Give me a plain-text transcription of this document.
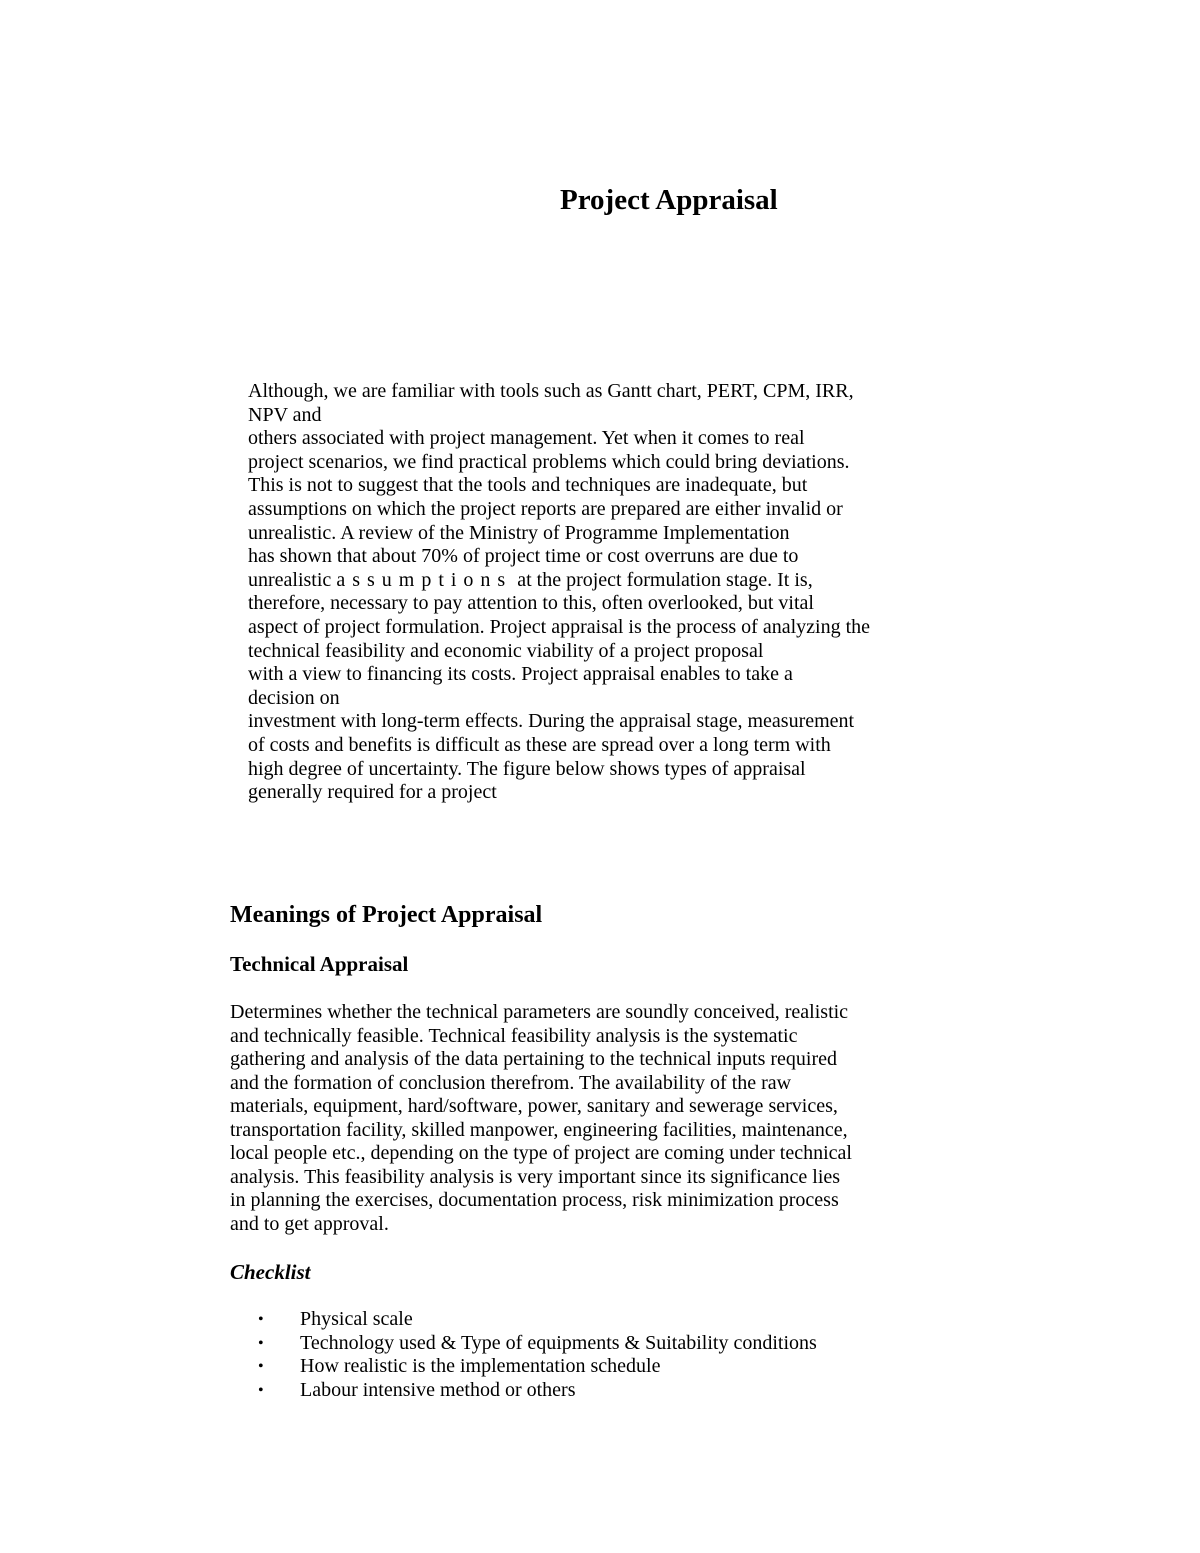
Project Appraisal
Although, we are familiar with tools such as Gantt chart, PERT, CPM, IRR,
NPV and
others associated with project management. Yet when it comes to real
project scenarios, we find practical problems which could bring deviations.
This is not to suggest that the tools and techniques are inadequate, but
assumptions on which the project reports are prepared are either invalid or
unrealistic. A review of the Ministry of Programme Implementation
has shown that about 70% of project time or cost overruns are due to
unrealistic assumptions at the project formulation stage. It is,
therefore, necessary to pay attention to this, often overlooked, but vital
aspect of project formulation. Project appraisal is the process of analyzing the
technical feasibility and economic viability of a project proposal
with a view to financing its costs. Project appraisal enables to take a
decision on
investment with long-term effects. During the appraisal stage, measurement
of costs and benefits is difficult as these are spread over a long term with
high degree of uncertainty. The figure below shows types of appraisal
generally required for a project
Meanings of Project Appraisal
Technical Appraisal
Determines whether the technical parameters are soundly conceived, realistic
and technically feasible. Technical feasibility analysis is the systematic
gathering and analysis of the data pertaining to the technical inputs required
and the formation of conclusion therefrom. The availability of the raw
materials, equipment, hard/software, power, sanitary and sewerage services,
transportation facility, skilled manpower, engineering facilities, maintenance,
local people etc., depending on the type of project are coming under technical
analysis. This feasibility analysis is very important since its significance lies
in planning the exercises, documentation process, risk minimization process
and to get approval.
Checklist
• Physical scale
• Technology used & Type of equipments & Suitability conditions
• How realistic is the implementation schedule
• Labour intensive method or others
